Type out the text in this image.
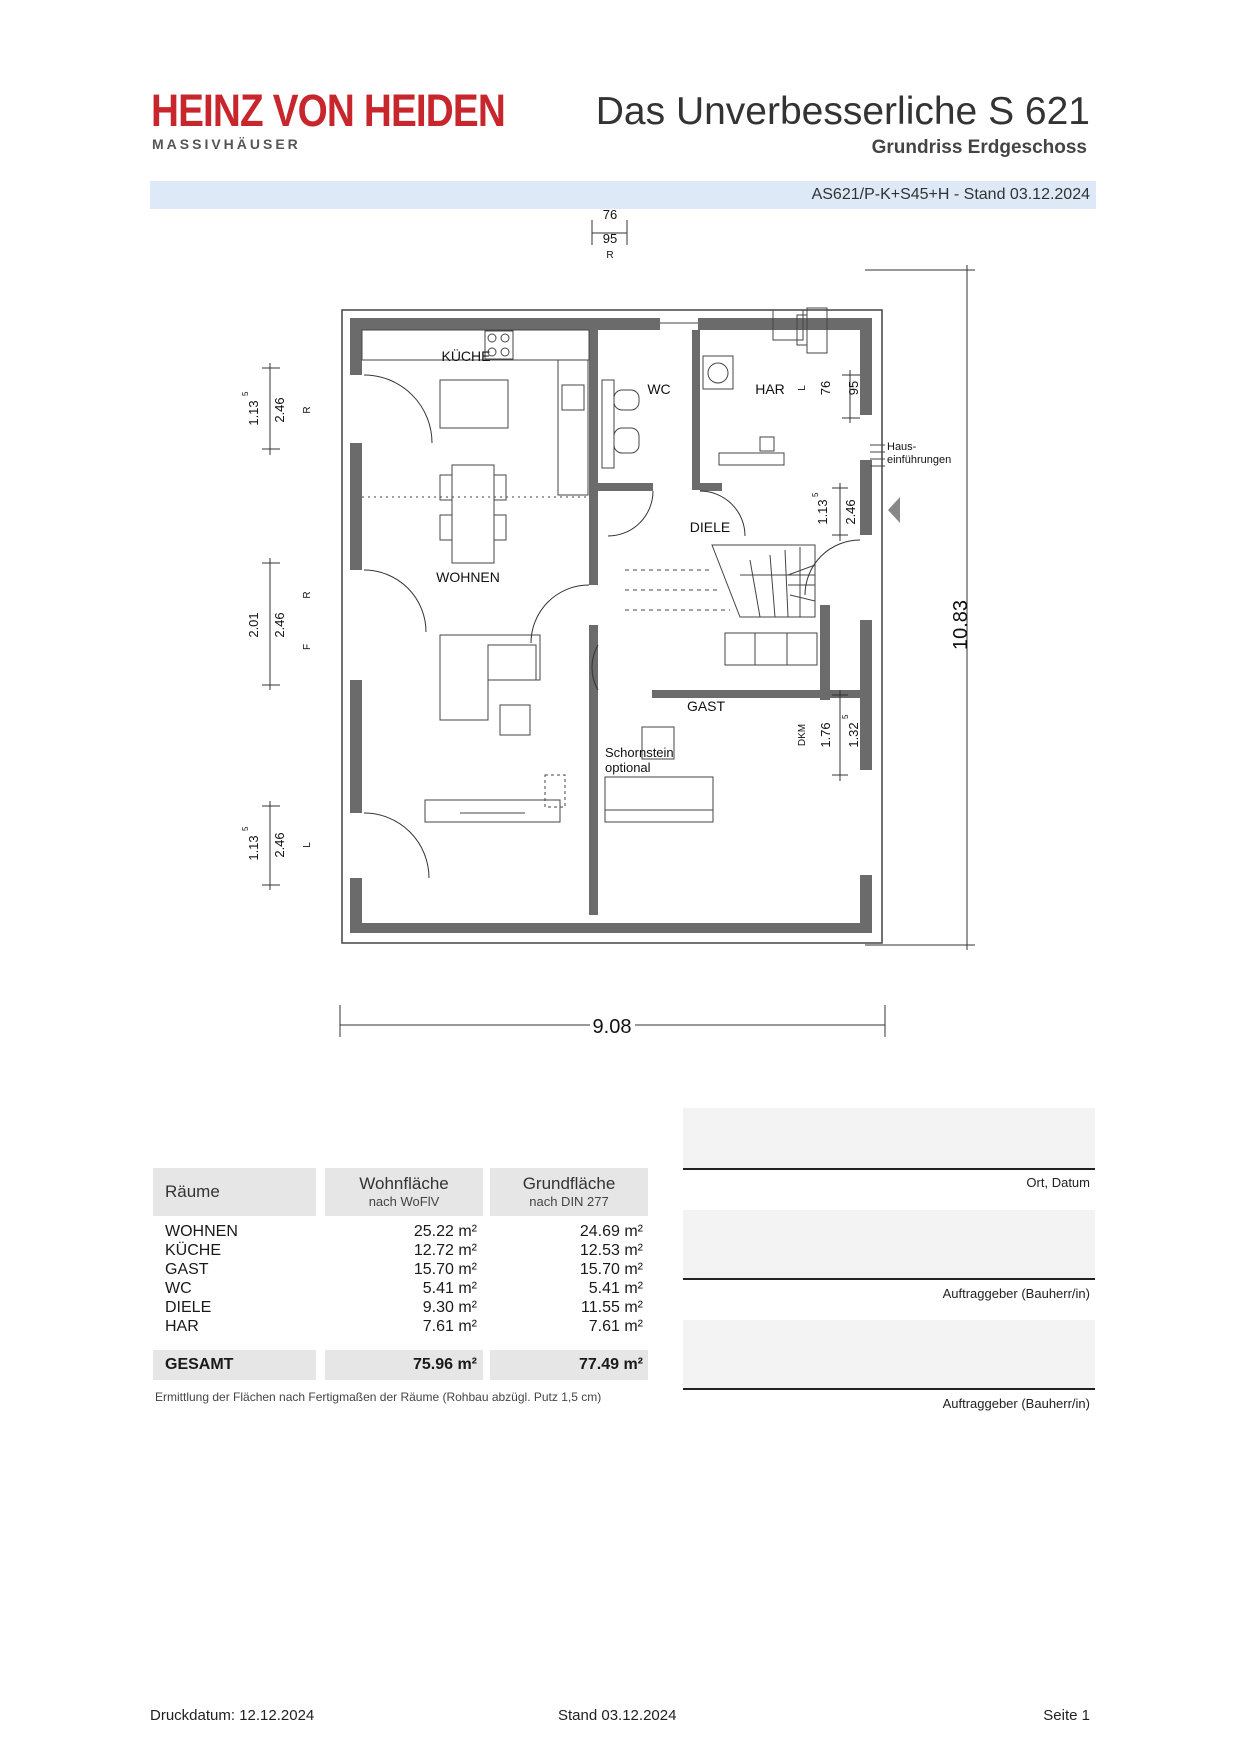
HEINZ VON HEIDEN
MASSIVHÄUSER
Das Unverbesserliche S 621
Grundriss Erdgeschoss
AS621/P-K+S45+H - Stand 03.12.2024
KÜCHE
WC	HAR
DIELE
WOHNEN
GAST
Schornstein
optional
Haus-
einführungen
76
95
R
1.13
5
2.46 R
2.01 2.46
R
F
1.13
5
2.46 L
L 76 95
1.13
5
2.46
DKM 1.76 1.32
5
10.83
9.08
Räume	Wohnfläche
nach WoFlV
Grundfläche
nach DIN 277
WOHNEN	25.22 m²	24.69 m²
KÜCHE	12.72 m²	12.53 m²
GAST	15.70 m²	15.70 m²
WC	5.41 m²	5.41 m²
DIELE	9.30 m²	11.55 m²
HAR	7.61 m²	7.61 m²
GESAMT	75.96 m²	77.49 m²
Ermittlung der Flächen nach Fertigmaßen der Räume (Rohbau abzügl. Putz 1,5 cm)
Ort, Datum
Auftraggeber (Bauherr/in)
Auftraggeber (Bauherr/in)
Druckdatum: 12.12.2024	Stand 03.12.2024	Seite 1
